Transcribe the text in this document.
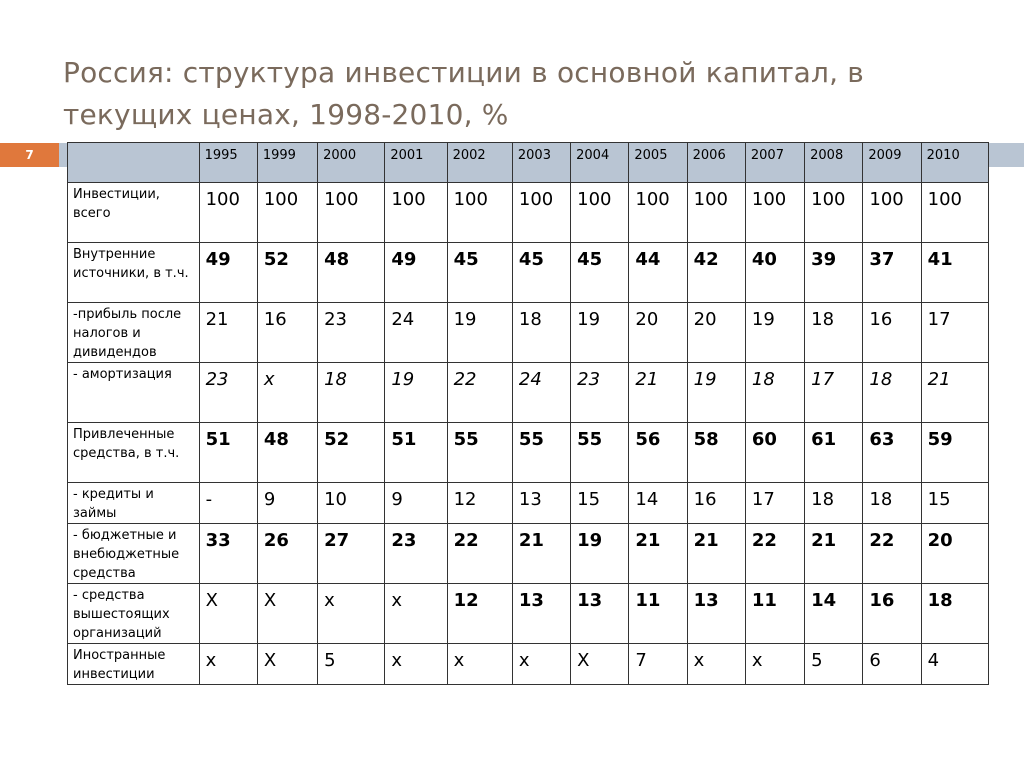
Россия: структура инвестиции в основной капитал, в текущих ценах, 1998-2010, %
7
		1995	1999	2000	2001	2002	2003	2004	2005	2006	2007	2008	2009	2010
Инвестиции, всего	100	100	100	100	100	100	100	100	100	100	100	100	100
Внутренние источники, в т.ч.	49	52	48	49	45	45	45	44	42	40	39	37	41
-прибыль после налогов и дивидендов	21	16	23	24	19	18	19	20	20	19	18	16	17
- амортизация	23	х	18	19	22	24	23	21	19	18	17	18	21
Привлеченные средства, в т.ч.	51	48	52	51	55	55	55	56	58	60	61	63	59
- кредиты и займы	-	9	10	9	12	13	15	14	16	17	18	18	15
- бюджетные и внебюджетные средства	33	26	27	23	22	21	19	21	21	22	21	22	20
- средства вышестоящих организаций	Х	Х	х	х	12	13	13	11	13	11	14	16	18
Иностранные инвестиции	х	Х	5	х	х	х	Х	7	х	х	5	6	4
